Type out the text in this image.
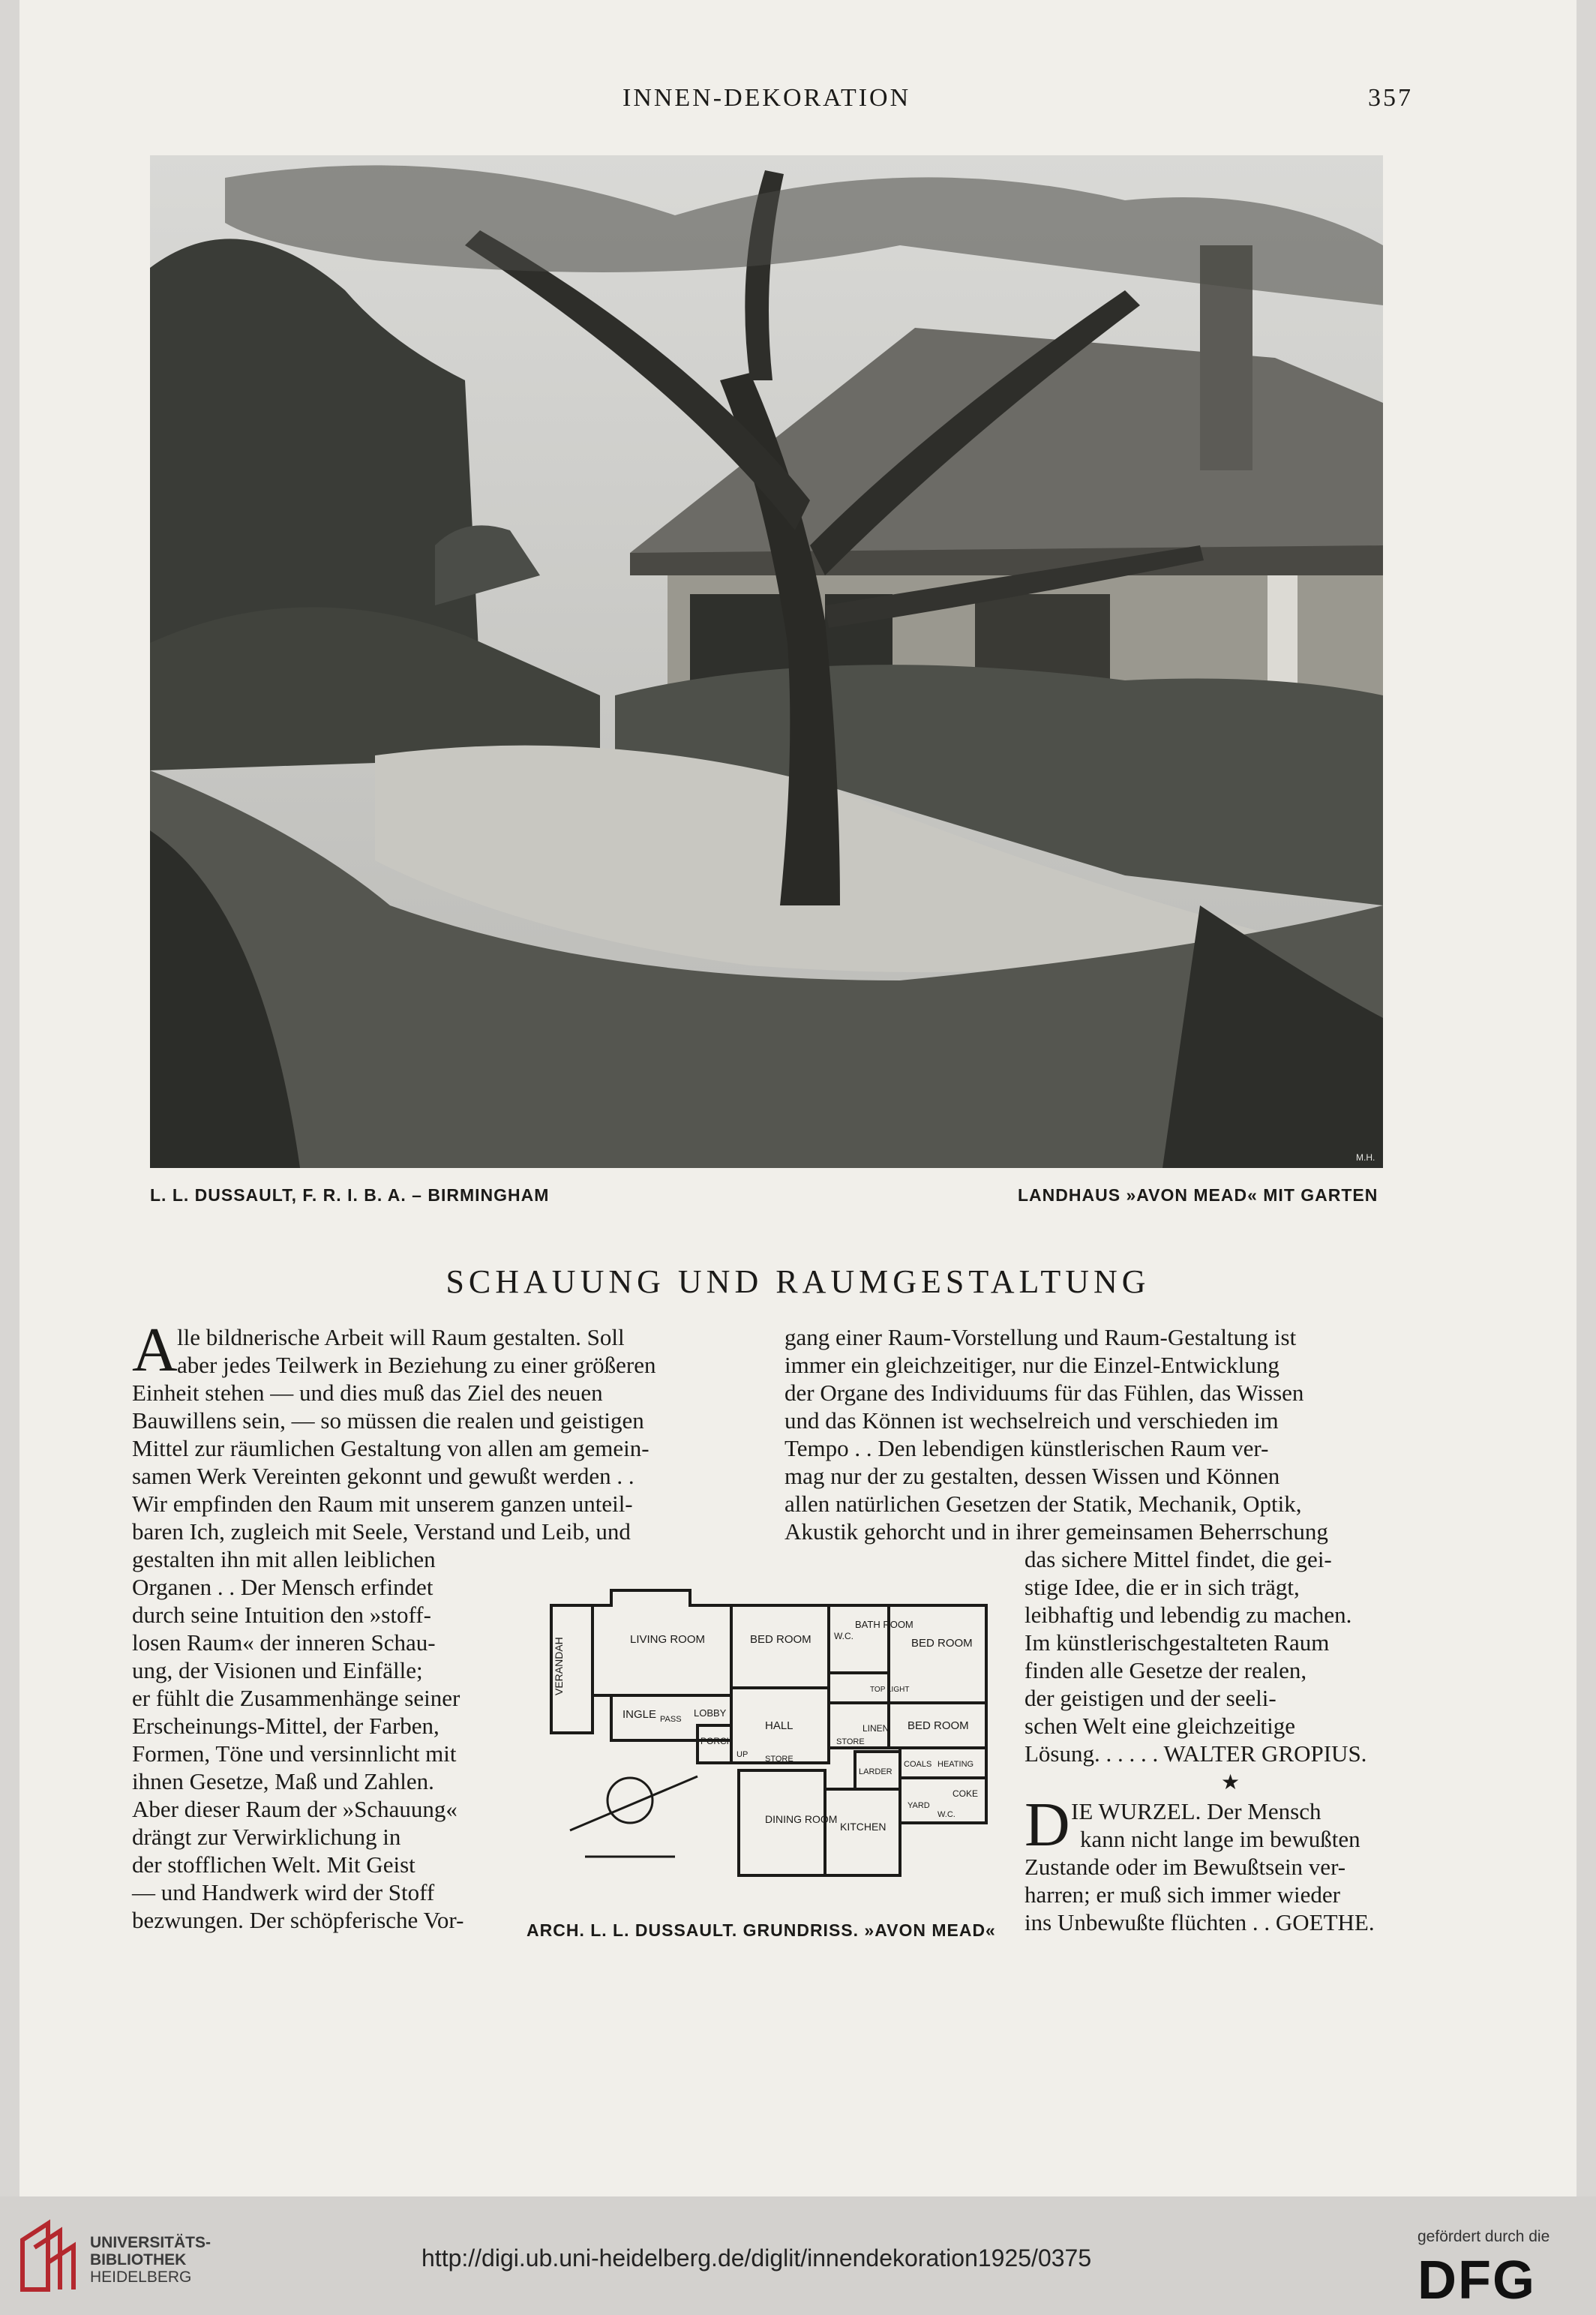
INNEN-DEKORATION	357
M.H.
L. L. DUSSAULT, F. R. I. B. A. – BIRMINGHAM	LANDHAUS »AVON MEAD« MIT GARTEN
SCHAUUNG UND RAUMGESTALTUNG
A lle bildnerische Arbeit will Raum gestalten. Soll
aber jedes Teilwerk in Beziehung zu einer größeren
Einheit stehen — und dies muß das Ziel des neuen
Bauwillens sein, — so müssen die realen und geistigen
Mittel zur räumlichen Gestaltung von allen am gemein-
samen Werk Vereinten gekonnt und gewußt werden . .
Wir empfinden den Raum mit unserem ganzen unteil-
baren Ich, zugleich mit Seele, Verstand und Leib, und
gestalten ihn mit allen leiblichen
Organen . . Der Mensch erfindet
durch seine Intuition den »stoff-
losen Raum« der inneren Schau-
ung, der Visionen und Einfälle;
er fühlt die Zusammenhänge seiner
Erscheinungs-Mittel, der Farben,
Formen, Töne und versinnlicht mit
ihnen Gesetze, Maß und Zahlen.
Aber dieser Raum der »Schauung«
drängt zur Verwirklichung in
der stofflichen Welt. Mit Geist
— und Handwerk wird der Stoff
bezwungen. Der schöpferische Vor-
gang einer Raum-Vorstellung und Raum-Gestaltung ist
immer ein gleichzeitiger, nur die Einzel-Entwicklung
der Organe des Individuums für das Fühlen, das Wissen
und das Können ist wechselreich und verschieden im
Tempo . . Den lebendigen künstlerischen Raum ver-
mag nur der zu gestalten, dessen Wissen und Können
allen natürlichen Gesetzen der Statik, Mechanik, Optik,
Akustik gehorcht und in ihrer gemeinsamen Beherrschung
das sichere Mittel findet, die gei-
stige Idee, die er in sich trägt,
leibhaftig und lebendig zu machen.
Im künstlerischgestalteten Raum
finden alle Gesetze der realen,
der geistigen und der seeli-
schen Welt eine gleichzeitige
Lösung. . . . . . WALTER GROPIUS.
★
D IE WURZEL. Der Mensch
kann nicht lange im bewußten
Zustande oder im Bewußtsein ver-
harren; er muß sich immer wieder
ins Unbewußte flüchten . . GOETHE.
VERANDAH	LIVING ROOM	BED ROOM
BATH ROOM
W.C.
BED ROOM
INGLE PASS
LOBBY
HALL
PORCH
UP STORE
STORE
LINEN BED ROOM
COALS HEATING
LARDER
COKE
YARD
W.C.
DINING ROOM
KITCHEN
TOP LIGHT
ARCH. L. L. DUSSAULT. GRUNDRISS. »AVON MEAD«
UNIVERSITÄTS-
BIBLIOTHEK
HEIDELBERG
http://digi.ub.uni-heidelberg.de/diglit/innendekoration1925/0375
gefördert durch die
DFG
